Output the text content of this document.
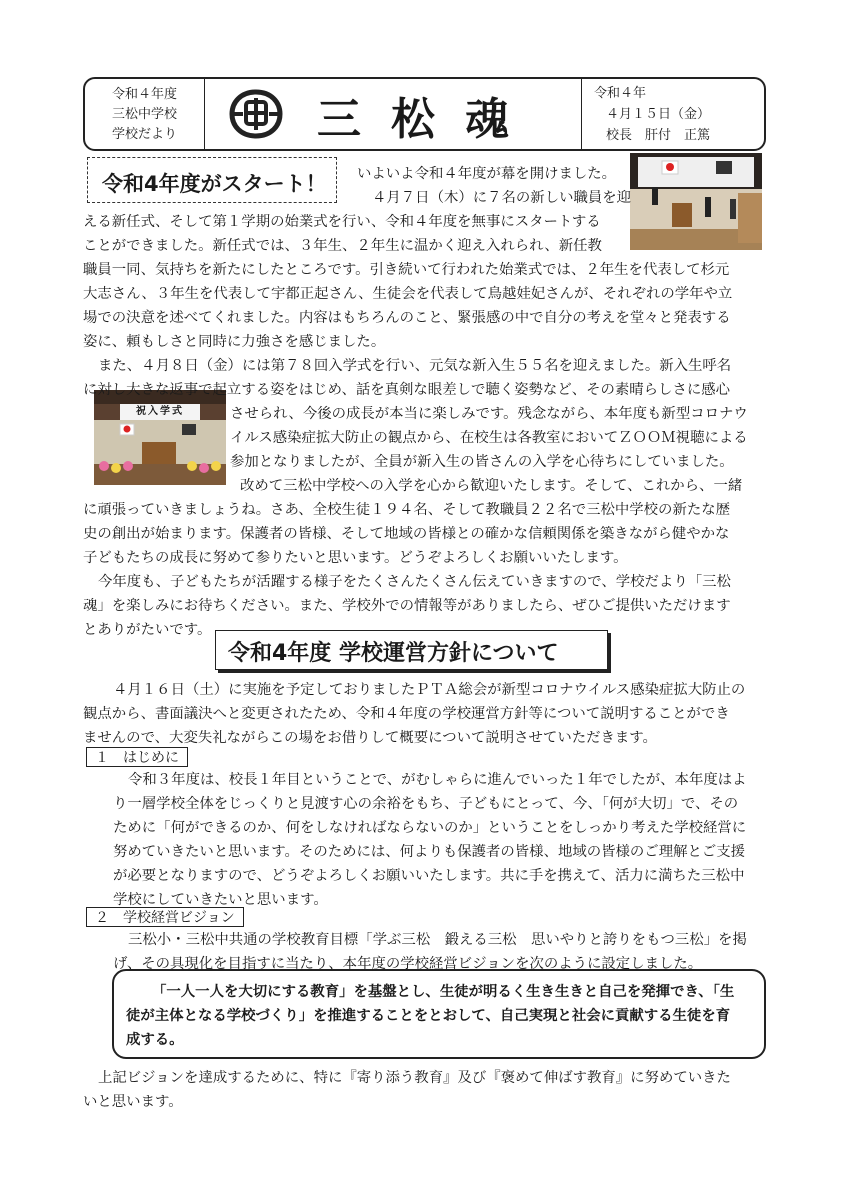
令和４年度
三松中学校
学校だより	三松魂
令和４年
４月１５日（金）
校長　肝付　正篤
令和4年度がスタート！
祝入学式
いよいよ令和４年度が幕を開けました。
４月７日（木）に７名の新しい職員を迎
える新任式、そして第１学期の始業式を行い、令和４年度を無事にスタートする
ことができました。新任式では、３年生、２年生に温かく迎え入れられ、新任教
職員一同、気持ちを新たにしたところです。引き続いて行われた始業式では、２年生を代表して杉元
大志さん、３年生を代表して宇都正起さん、生徒会を代表して鳥越娃妃さんが、それぞれの学年や立
場での決意を述べてくれました。内容はもちろんのこと、緊張感の中で自分の考えを堂々と発表する
姿に、頼もしさと同時に力強さを感じました。
また、４月８日（金）には第７８回入学式を行い、元気な新入生５５名を迎えました。新入生呼名
に対し大きな返事で起立する姿をはじめ、話を真剣な眼差しで聴く姿勢など、その素晴らしさに感心
させられ、今後の成長が本当に楽しみです。残念ながら、本年度も新型コロナウ
イルス感染症拡大防止の観点から、在校生は各教室においてＺＯＯＭ視聴による
参加となりましたが、全員が新入生の皆さんの入学を心待ちにしていました。
改めて三松中学校への入学を心から歓迎いたします。そして、これから、一緒
に頑張っていきましょうね。さあ、全校生徒１９４名、そして教職員２２名で三松中学校の新たな歴
史の創出が始まります。保護者の皆様、そして地域の皆様との確かな信頼関係を築きながら健やかな
子どもたちの成長に努めて参りたいと思います。どうぞよろしくお願いいたします。
今年度も、子どもたちが活躍する様子をたくさんたくさん伝えていきますので、学校だより「三松
魂」を楽しみにお待ちください。また、学校外での情報等がありましたら、ぜひご提供いただけます
とありがたいです。
令和4年度 学校運営方針について
４月１６日（土）に実施を予定しておりましたＰＴＡ総会が新型コロナウイルス感染症拡大防止の
観点から、書面議決へと変更されたため、令和４年度の学校運営方針等について説明することができ
ませんので、大変失礼ながらこの場をお借りして概要について説明させていただきます。
１　はじめに
令和３年度は、校長１年目ということで、がむしゃらに進んでいった１年でしたが、本年度はよ
り一層学校全体をじっくりと見渡す心の余裕をもち、子どもにとって、今、「何が大切」で、その
ために「何ができるのか、何をしなければならないのか」ということをしっかり考えた学校経営に
努めていきたいと思います。そのためには、何よりも保護者の皆様、地域の皆様のご理解とご支援
が必要となりますので、どうぞよろしくお願いいたします。共に手を携えて、活力に満ちた三松中
学校にしていきたいと思います。
２　学校経営ビジョン
三松小・三松中共通の学校教育目標「学ぶ三松　鍛える三松　思いやりと誇りをもつ三松」を掲
げ、その具現化を目指すに当たり、本年度の学校経営ビジョンを次のように設定しました。
「一人一人を大切にする教育」を基盤とし、生徒が明るく生き生きと自己を発揮でき、「生
徒が主体となる学校づくり」を推進することをとおして、自己実現と社会に貢献する生徒を育
成する。
上記ビジョンを達成するために、特に『寄り添う教育』及び『褒めて伸ばす教育』に努めていきた
いと思います。
